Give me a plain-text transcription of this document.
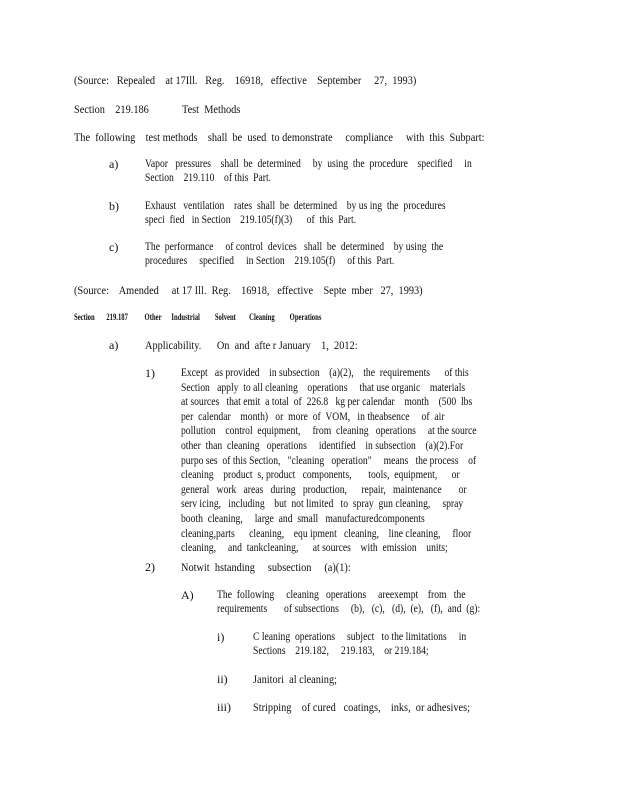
(Source:   Repealed    at 17Ill.   Reg.    16918,   effective    September     27,  1993)
Section    219.186	Test  Methods
The  following    test methods    shall  be  used  to demonstrate     compliance     with  this  Subpart:
a) Vapor   pressures    shall  be  determined     by  using  the  procedure    specified     in
Section    219.110    of this  Part.
b) Exhaust   ventilation    rates  shall  be  determined    by us ing  the  procedures
speci  fied   in Section    219.105(f)(3)      of  this  Part.
c) The  performance     of control  devices   shall  be  determined    by using  the
procedures     specified     in Section    219.105(f)     of this  Part.
(Source:    Amended     at 17 Ill.  Reg.    16918,   effective    Septe  mber   27,  1993)
Section       219.187          Other      Industrial         Solvent        Cleaning         Operations
a) Applicability.      On  and  afte r January    1,  2012:
1) Except   as provided    in subsection    (a)(2),    the  requirements      of this
Section   apply  to all cleaning    operations     that use organic    materials
at sources   that emit  a total  of  226.8   kg per calendar    month    (500  lbs
per  calendar    month)   or  more  of  VOM,   in theabsence     of  air
pollution    control  equipment,     from  cleaning   operations     at the source
other  than  cleaning   operations     identified    in subsection    (a)(2).For
purpo ses  of this Section,   "cleaning   operation"     means   the process    of
cleaning    product  s, product   components,       tools,  equipment,      or
general   work   areas   during   production,      repair,   maintenance       or
serv icing,   including    but  not limited   to  spray  gun cleaning,     spray
booth  cleaning,     large  and  small   manufacturedcomponents
cleaning,parts      cleaning,    equ ipment   cleaning,    line cleaning,     floor
cleaning,     and  tankcleaning,      at sources    with  emission    units;
2) Notwit  hstanding     subsection     (a)(1):
A) The  following     cleaning   operations     areexempt    from   the
requirements       of subsections     (b),   (c),   (d),  (e),   (f),  and  (g):
i)	C leaning  operations     subject   to the limitations     in
Sections    219.182,     219.183,    or 219.184;
ii) Janitori  al cleaning;
iii) Stripping    of cured   coatings,    inks,  or adhesives;
